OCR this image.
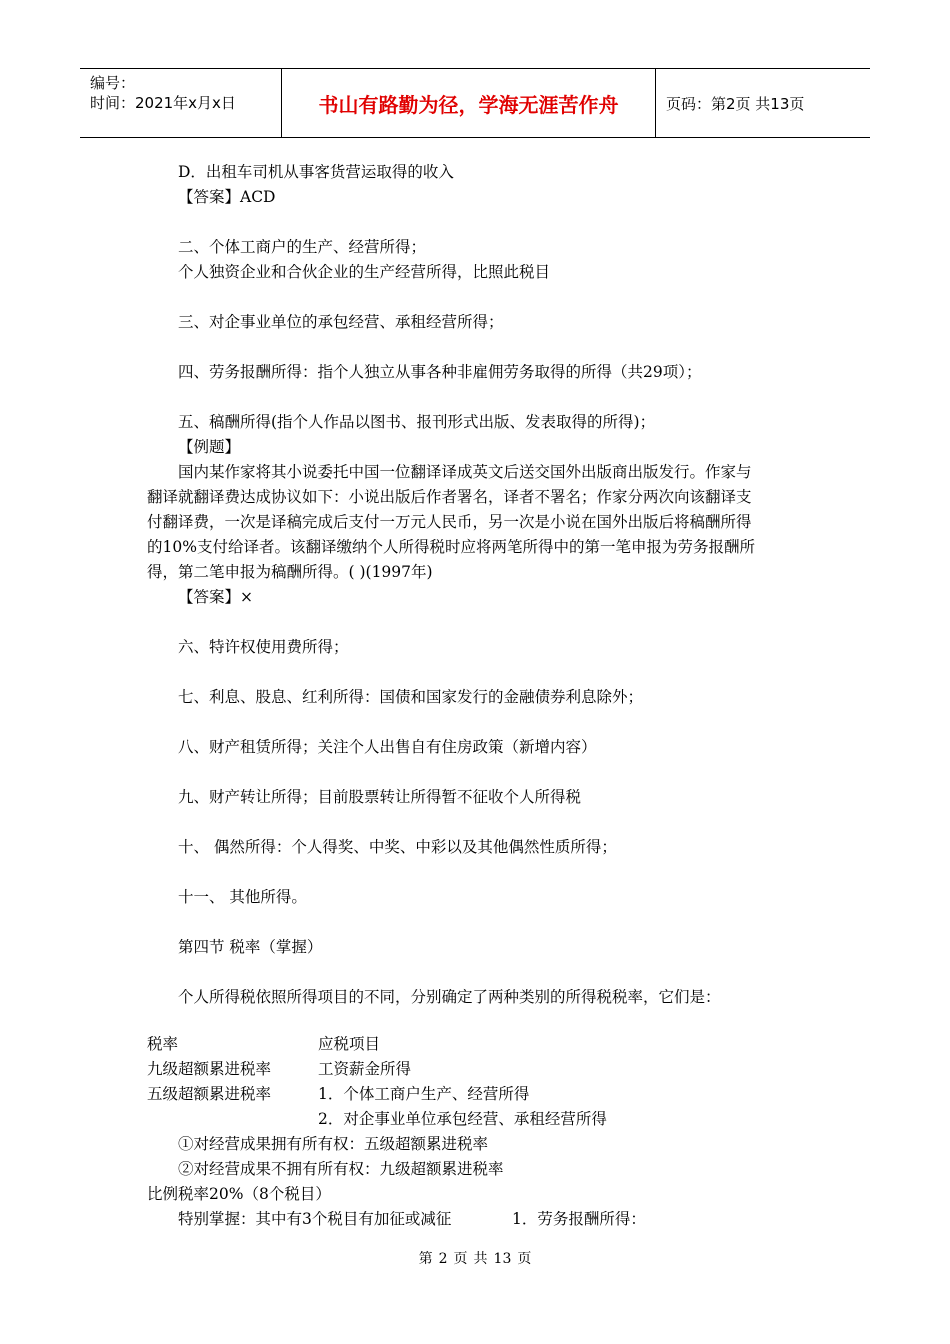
编号：
时间：2021年x月x日	书山有路勤为径，学海无涯苦作舟	页码：第2页 共13页
D．出租车司机从事客货营运取得的收入
【答案】ACD
二、个体工商户的生产、经营所得；
个人独资企业和合伙企业的生产经营所得，比照此税目
三、对企事业单位的承包经营、承租经营所得；
四、劳务报酬所得：指个人独立从事各种非雇佣劳务取得的所得（共29项）；
五、稿酬所得(指个人作品以图书、报刊形式出版、发表取得的所得)；
【例题】
国内某作家将其小说委托中国一位翻译译成英文后送交国外出版商出版发行。作家与
翻译就翻译费达成协议如下：小说出版后作者署名，译者不署名；作家分两次向该翻译支
付翻译费，一次是译稿完成后支付一万元人民币，另一次是小说在国外出版后将稿酬所得
的10%支付给译者。该翻译缴纳个人所得税时应将两笔所得中的第一笔申报为劳务报酬所
得，第二笔申报为稿酬所得。( )(1997年)
【答案】×
六、特许权使用费所得；
七、利息、股息、红利所得：国债和国家发行的金融债券利息除外；
八、财产租赁所得；关注个人出售自有住房政策（新增内容）
九、财产转让所得；目前股票转让所得暂不征收个人所得税
十、 偶然所得：个人得奖、中奖、中彩以及其他偶然性质所得；
十一、 其他所得。
第四节 税率（掌握）
个人所得税依照所得项目的不同，分别确定了两种类别的所得税税率，它们是：
税率	应税项目
九级超额累进税率	工资薪金所得
五级超额累进税率	1．个体工商户生产、经营所得
2．对企事业单位承包经营、承租经营所得
①对经营成果拥有所有权：五级超额累进税率
②对经营成果不拥有所有权：九级超额累进税率
比例税率20%（8个税目）
特别掌握：其中有3个税目有加征或减征	1．劳务报酬所得：
第 2 页 共 13 页
